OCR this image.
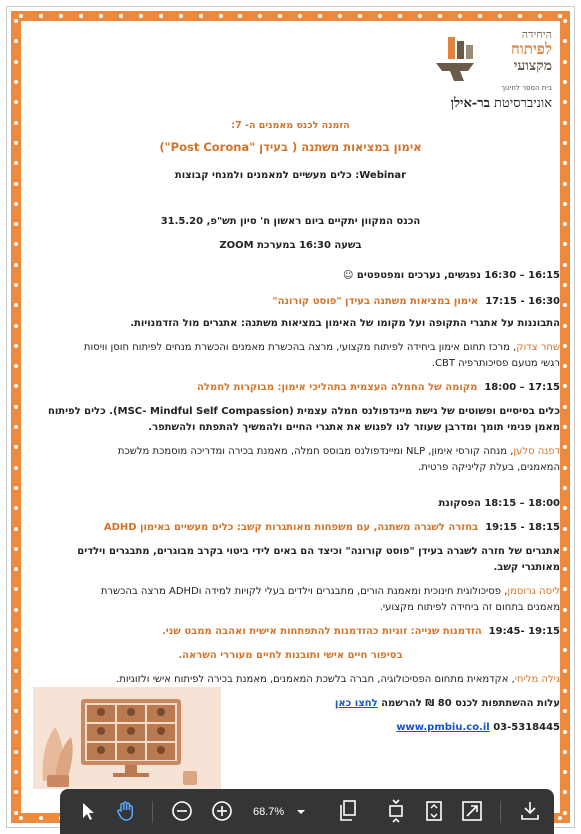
היחידה
לפיתוח
מקצועי
בית הספר לחינוך
אוניברסיטת בר-אילן
הזמנה לכנס מאמנים ה- 7:
אימון במציאות משתנה ( בעידן "Post Corona")
Webinar: כלים מעשיים למאמנים ולמנחי קבוצות
הכנס המקוון יתקיים ביום ראשון ח' סיון תש"פ, 31.5.20
בשעה 16:30 במערכת ZOOM
16:15 – 16:30 נפגשים, נערכים ומפטפטים ☺
16:30 - 17:15  אימון במציאות משתנה בעידן "פוסט קורונה"
התבוננות על אתגרי התקופה ועל מקומו של האימון במציאות משתנה: אתגרים מול הזדמנויות.
שחר צדוק, מרכז תחום אימון ביחידה לפיתוח מקצועי, מרצה בהכשרת מאמנים והכשרת מנחים לפיתוח חוסן וויסות
רגשי מטעם פסיכותרפיה CBT.
17:15 – 18:00  מקומה של החמלה העצמית בתהליכי אימון: מבוקרות לחמלה
כלים בסיסיים ופשוטים של גישת מיינדפולנס חמלה עצמית (MSC- Mindful Self Compassion). כלים לפיתוח
מאמן פנימי תומך ומדרבן שעוזר לנו לפגוש את אתגרי החיים ולהמשיך להתפתח ולהשתפר.
דפנה סלען, מנחה קורסי אימון, NLP ומיינדפולנס מבוסס חמלה, מאמנת בכירה ומדריכה מוסמכת מלשכת
המאמנים, בעלת קליניקה פרטית.
18:00 – 18:15 הפסקונת
18:15 - 19:15  בחזרה לשגרה משתנה, עם משפחות מאותגרות קשב: כלים מעשיים באימון ADHD
אתגרים של חזרה לשגרה בעידן "פוסט קורונה" וכיצד הם באים לידי ביטוי בקרב מבוגרים, מתבגרים וילדים
מאותגרי קשב.
ליסה גרוסמן, פסיכולוגית חינוכית ומאמנת הורים, מתבגרים וילדים בעלי לקויות למידה וADHD מרצה בהכשרת
מאמנים בתחום זה ביחידה לפיתוח מקצועי.
19:15 -19:45  הזדמנות שנייה: זוגיות כהזדמנות להתפתחות אישית ואהבה ממבט שני.
בסיפור חיים אישי ותובנות לחיים מעוררי השראה.
גילה מליחי, אקדמאית מתחום הפסיכולוגיה, חברה בלשכת המאמנים, מאמנת בכירה לפיתוח אישי ולזוגיות.
עלות ההשתתפות לכנס 80 ₪ להרשמה לחצו כאן
03-5318445 www.pmbiu.co.il
68.7%
